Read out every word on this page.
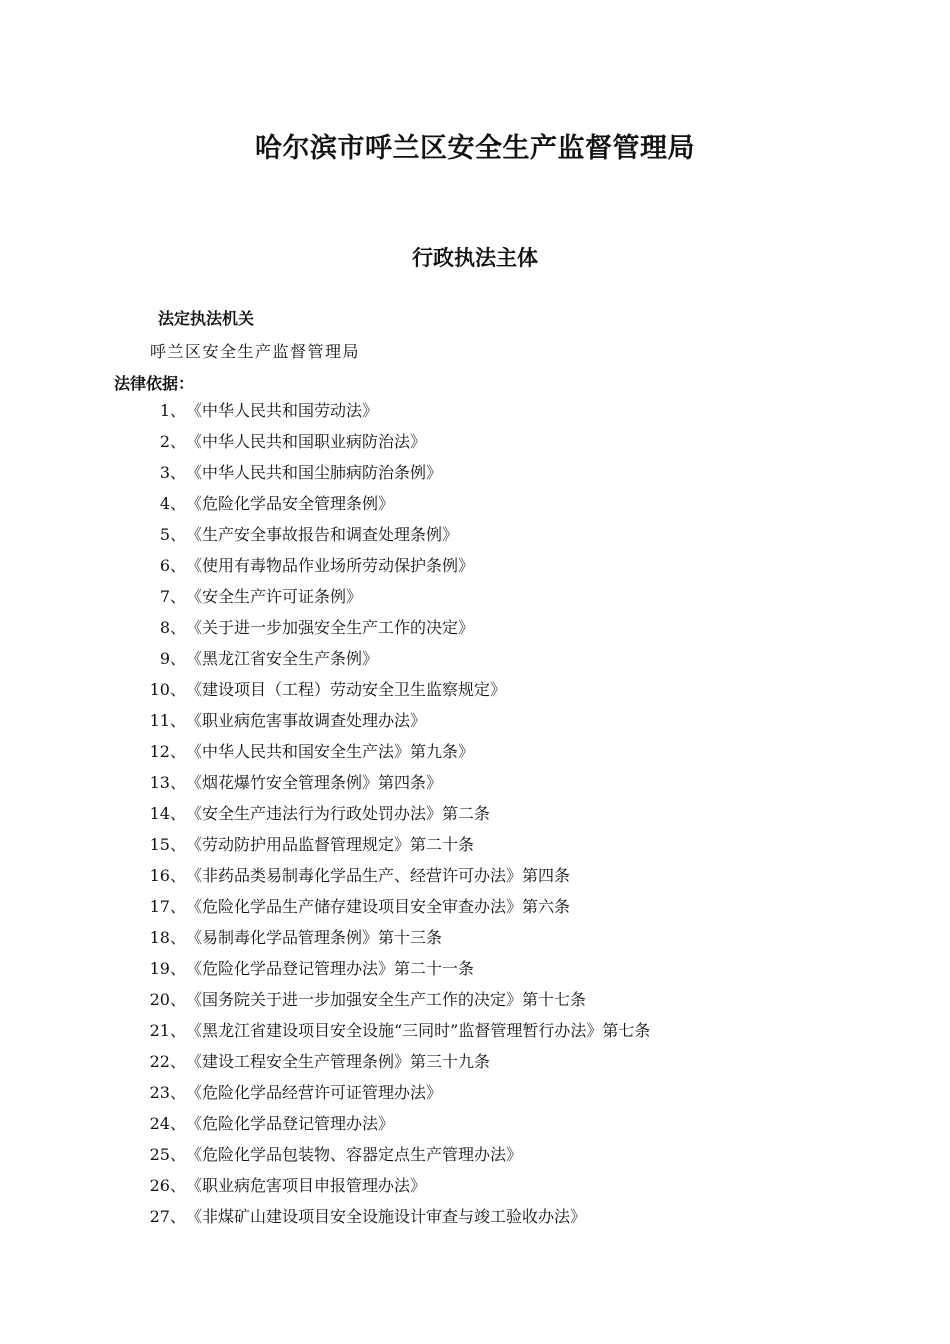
哈尔滨市呼兰区安全生产监督管理局
行政执法主体
法定执法机关
呼兰区安全生产监督管理局
法律依据：
1、《中华人民共和国劳动法》
2、《中华人民共和国职业病防治法》
3、《中华人民共和国尘肺病防治条例》
4、《危险化学品安全管理条例》
5、《生产安全事故报告和调查处理条例》
6、《使用有毒物品作业场所劳动保护条例》
7、《安全生产许可证条例》
8、《关于进一步加强安全生产工作的决定》
9、《黑龙江省安全生产条例》
10、《建设项目（工程）劳动安全卫生监察规定》
11、《职业病危害事故调查处理办法》
12、《中华人民共和国安全生产法》第九条》
13、《烟花爆竹安全管理条例》第四条》
14、《安全生产违法行为行政处罚办法》第二条
15、《劳动防护用品监督管理规定》第二十条
16、《非药品类易制毒化学品生产、经营许可办法》第四条
17、《危险化学品生产储存建设项目安全审查办法》第六条
18、《易制毒化学品管理条例》第十三条
19、《危险化学品登记管理办法》第二十一条
20、《国务院关于进一步加强安全生产工作的决定》第十七条
21、《黑龙江省建设项目安全设施“三同时”监督管理暂行办法》第七条
22、《建设工程安全生产管理条例》第三十九条
23、《危险化学品经营许可证管理办法》
24、《危险化学品登记管理办法》
25、《危险化学品包装物、容器定点生产管理办法》
26、《职业病危害项目申报管理办法》
27、《非煤矿山建设项目安全设施设计审查与竣工验收办法》
